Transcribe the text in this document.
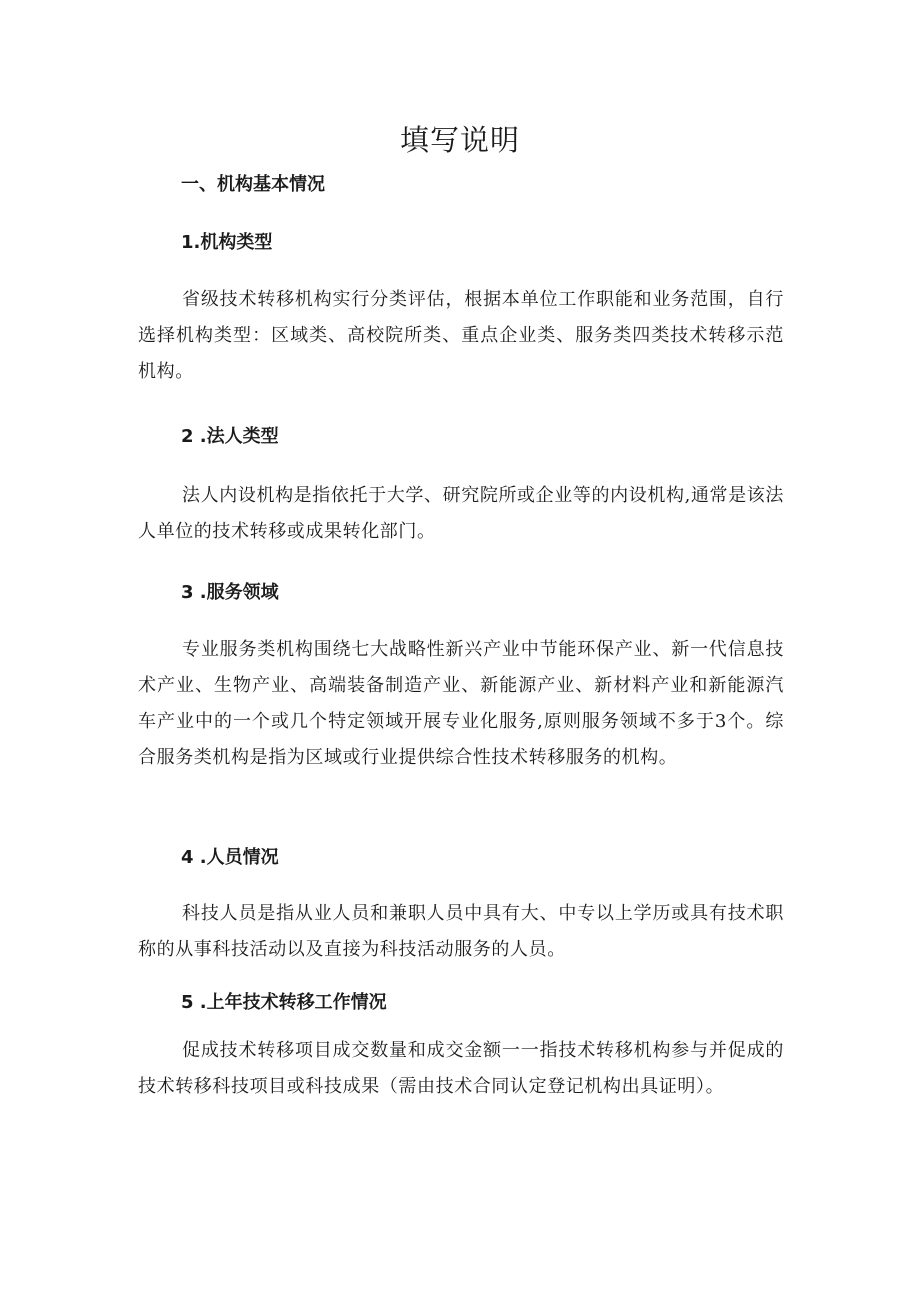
填写说明
一、机构基本情况
1.机构类型

省级技术转移机构实行分类评估，根据本单位工作职能和业务范围，自行选择机构类型：区域类、高校院所类、重点企业类、服务类四类技术转移示范机构。

2 .法人类型

法人内设机构是指依托于大学、研究院所或企业等的内设机构,通常是该法人单位的技术转移或成果转化部门。

3 .服务领域

专业服务类机构围绕七大战略性新兴产业中节能环保产业、新一代信息技术产业、生物产业、高端装备制造产业、新能源产业、新材料产业和新能源汽车产业中的一个或几个特定领域开展专业化服务,原则服务领域不多于3个。综合服务类机构是指为区域或行业提供综合性技术转移服务的机构。

4 .人员情况

科技人员是指从业人员和兼职人员中具有大、中专以上学历或具有技术职称的从事科技活动以及直接为科技活动服务的人员。

5 .上年技术转移工作情况

促成技术转移项目成交数量和成交金额一一指技术转移机构参与并促成的技术转移科技项目或科技成果（需由技术合同认定登记机构出具证明）。
